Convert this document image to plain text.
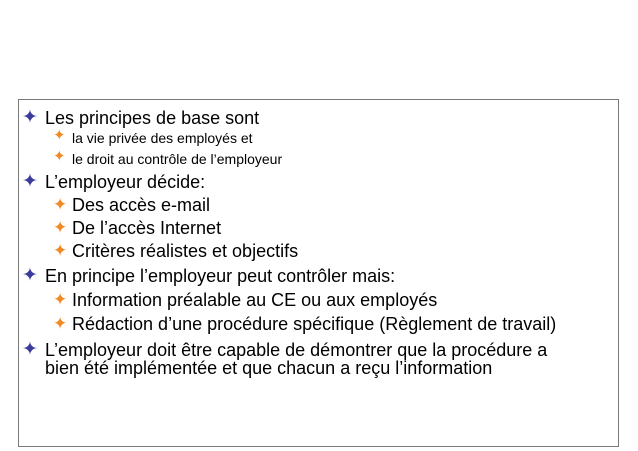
✦ Les principes de base sont
✦ la vie privée des employés et
✦ le droit au contrôle de l’employeur
✦ L’employeur décide:
✦ Des accès e-mail
✦ De l’accès Internet
✦ Critères réalistes et objectifs
✦ En principe l’employeur peut contrôler mais:
✦ Information préalable au CE ou aux employés
✦ Rédaction d’une procédure spécifique (Règlement de travail)
✦ L’employeur doit être capable de démontrer que la procédure a
bien été implémentée et que chacun a reçu l’information
